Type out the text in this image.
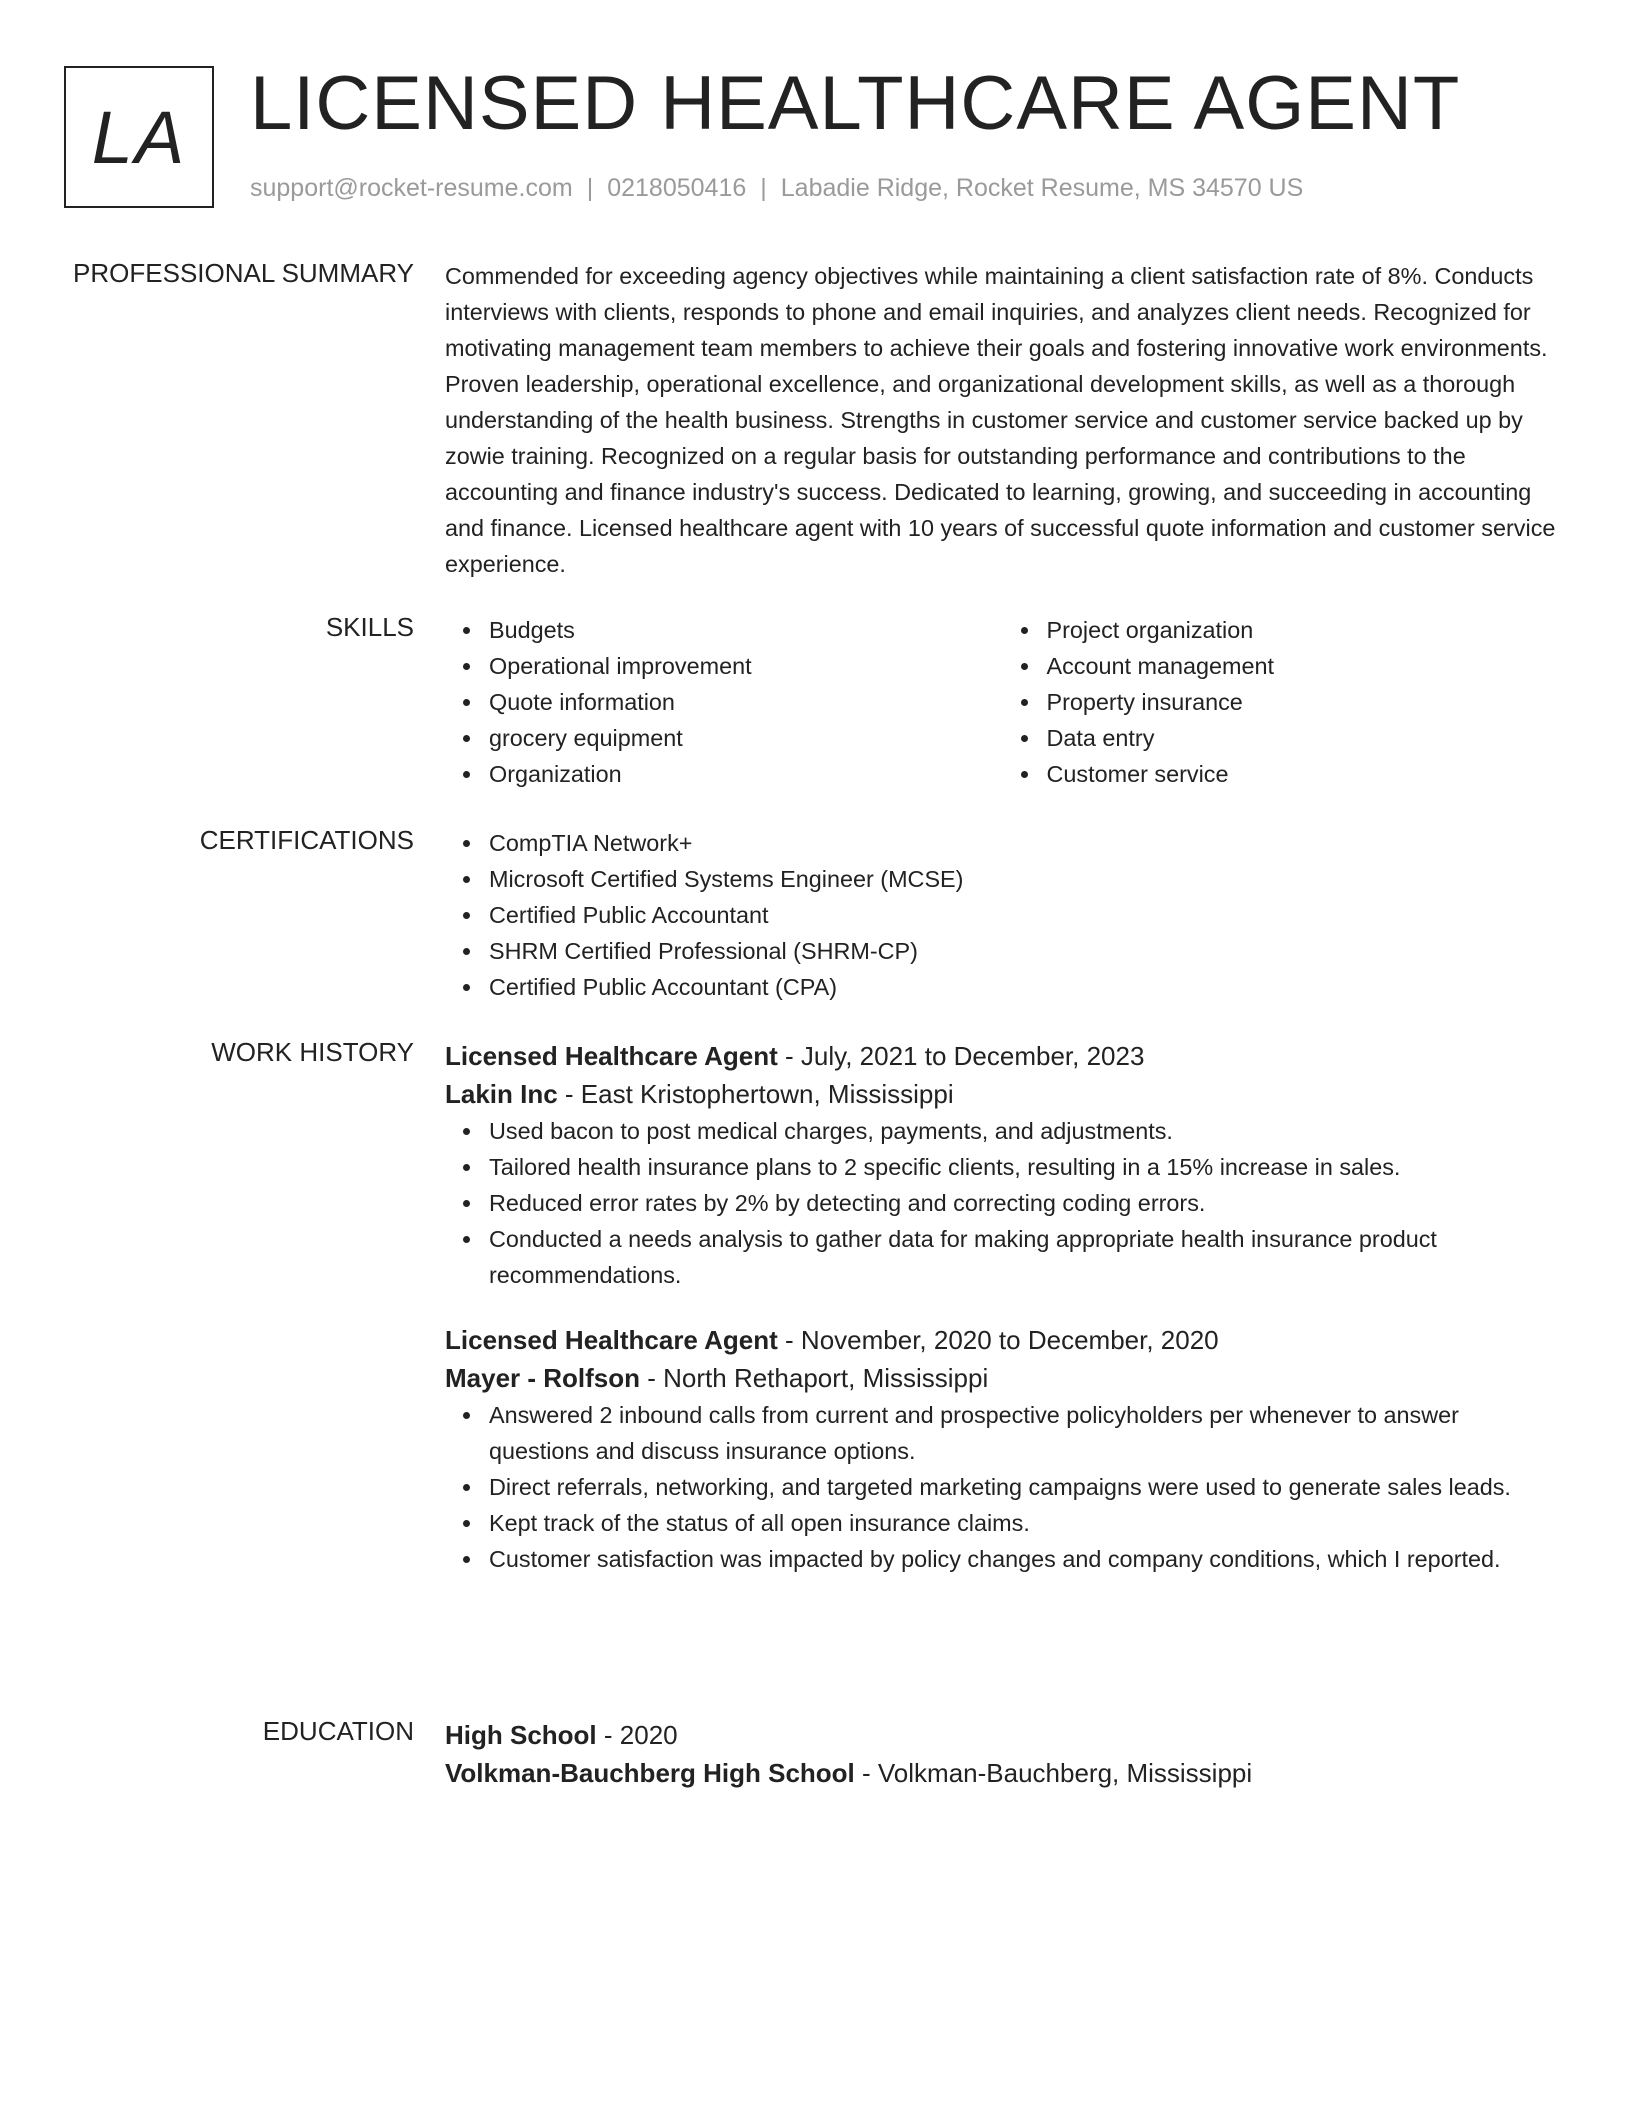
LA LICENSED HEALTHCARE AGENT
support@rocket-resume.com | 0218050416 | Labadie Ridge, Rocket Resume, MS 34570 US
PROFESSIONAL SUMMARY Commended for exceeding agency objectives while maintaining a client satisfaction rate of 8%. Conducts interviews with clients, responds to phone and email inquiries, and analyzes client needs. Recognized for motivating management team members to achieve their goals and fostering innovative work environments. Proven leadership, operational excellence, and organizational development skills, as well as a thorough understanding of the health business. Strengths in customer service and customer service backed up by zowie training. Recognized on a regular basis for outstanding performance and contributions to the accounting and finance industry's success. Dedicated to learning, growing, and succeeding in accounting and finance. Licensed healthcare agent with 10 years of successful quote information and customer service experience.

SKILLS	Budgets
Operational improvement
Quote information
grocery equipment
Organization
Project organization
Account management
Property insurance
Data entry
Customer service
CERTIFICATIONS	CompTIA Network+
Microsoft Certified Systems Engineer (MCSE)
Certified Public Accountant
SHRM Certified Professional (SHRM-CP)
Certified Public Accountant (CPA)
WORK HISTORY Licensed Healthcare Agent - July, 2021 to December, 2023
Lakin Inc - East Kristophertown, Mississippi
Used bacon to post medical charges, payments, and adjustments.
Tailored health insurance plans to 2 specific clients, resulting in a 15% increase in sales.
Reduced error rates by 2% by detecting and correcting coding errors.
Conducted a needs analysis to gather data for making appropriate health insurance product recommendations.
Licensed Healthcare Agent - November, 2020 to December, 2020
Mayer - Rolfson - North Rethaport, Mississippi
Answered 2 inbound calls from current and prospective policyholders per whenever to answer questions and discuss insurance options.
Direct referrals, networking, and targeted marketing campaigns were used to generate sales leads.
Kept track of the status of all open insurance claims.
Customer satisfaction was impacted by policy changes and company conditions, which I reported.
EDUCATION High School - 2020
Volkman-Bauchberg High School - Volkman-Bauchberg, Mississippi
